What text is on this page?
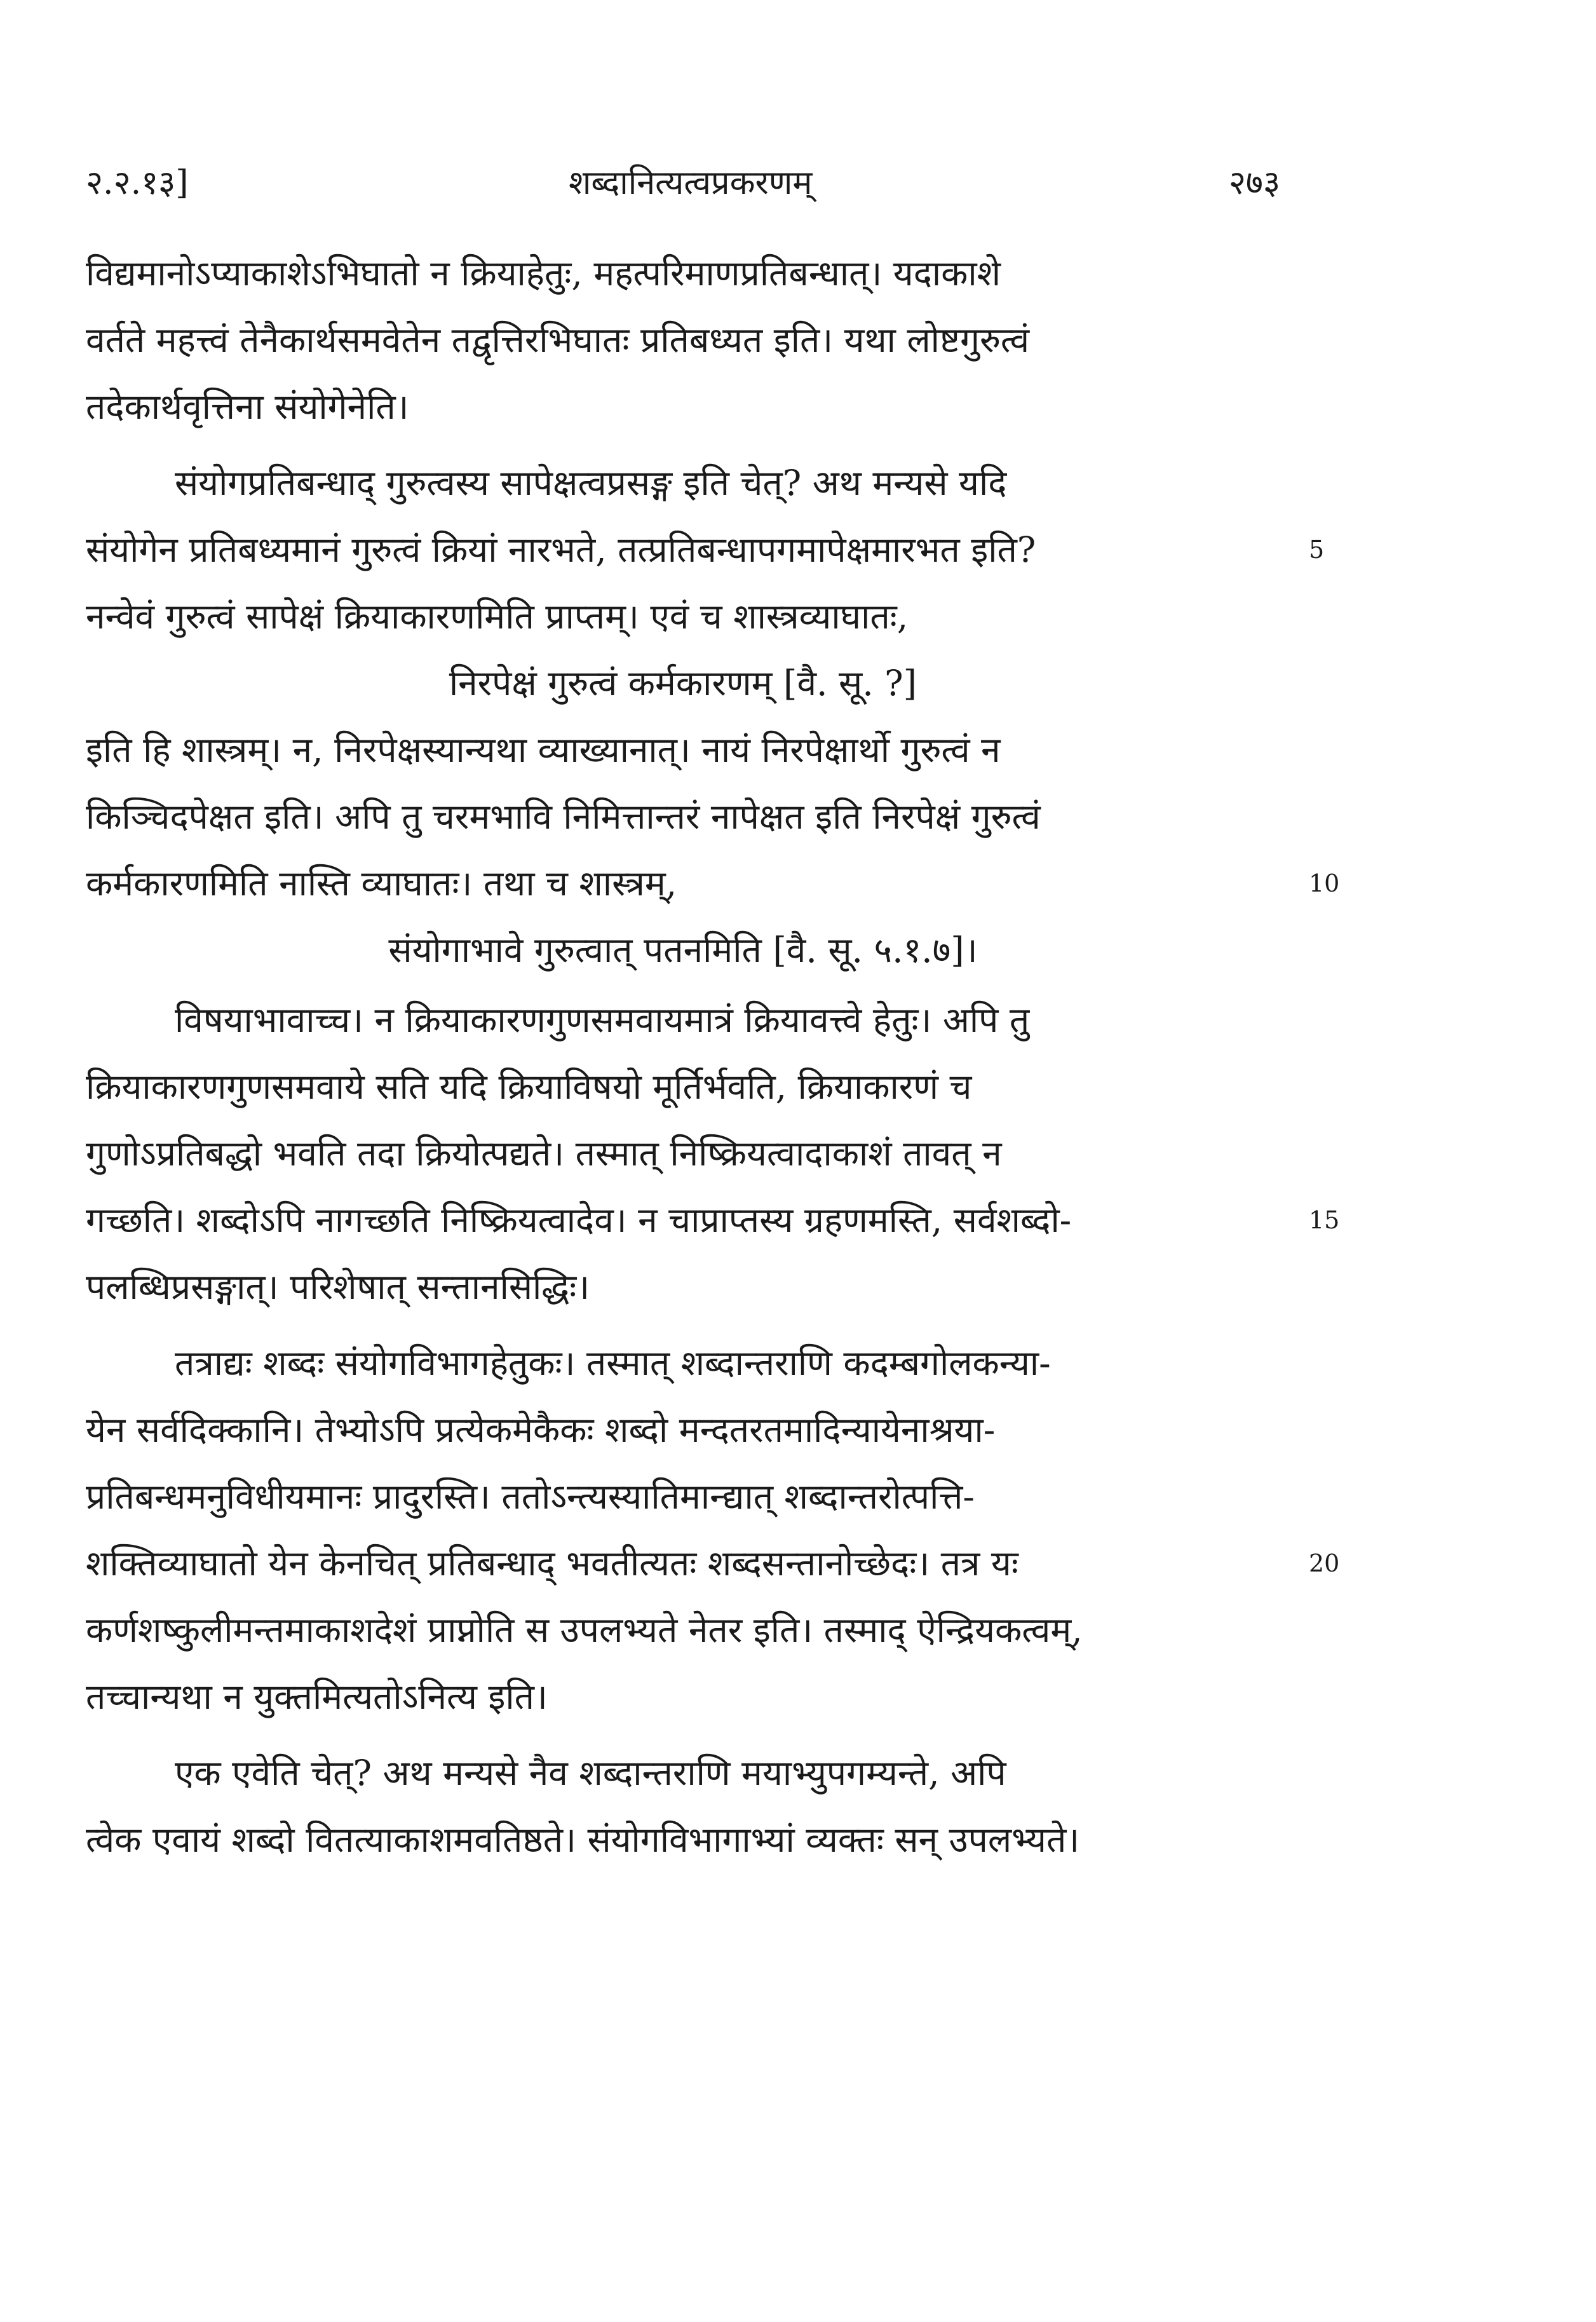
२.२.१३]	शब्दानित्यत्वप्रकरणम्	२७३
विद्यमानोऽप्याकाशेऽभिघातो न क्रियाहेतुः, महत्परिमाणप्रतिबन्धात्। यदाकाशे
वर्तते महत्त्वं तेनैकार्थसमवेतेन तद्वृत्तिरभिघातः प्रतिबध्यत इति। यथा लोष्टगुरुत्वं
तदेकार्थवृत्तिना संयोगेनेति।
संयोगप्रतिबन्धाद् गुरुत्वस्य सापेक्षत्वप्रसङ्ग इति चेत्? अथ मन्यसे यदि
संयोगेन प्रतिबध्यमानं गुरुत्वं क्रियां नारभते, तत्प्रतिबन्धापगमापेक्षमारभत इति?
नन्वेवं गुरुत्वं सापेक्षं क्रियाकारणमिति प्राप्तम्। एवं च शास्त्रव्याघातः,
निरपेक्षं गुरुत्वं कर्मकारणम् [वै. सू. ?]
इति हि शास्त्रम्। न, निरपेक्षस्यान्यथा व्याख्यानात्। नायं निरपेक्षार्थो गुरुत्वं न
किञ्चिदपेक्षत इति। अपि तु चरमभावि निमित्तान्तरं नापेक्षत इति निरपेक्षं गुरुत्वं
कर्मकारणमिति नास्ति व्याघातः। तथा च शास्त्रम्,
संयोगाभावे गुरुत्वात् पतनमिति [वै. सू. ५.१.७]।
विषयाभावाच्च। न क्रियाकारणगुणसमवायमात्रं क्रियावत्त्वे हेतुः। अपि तु
क्रियाकारणगुणसमवाये सति यदि क्रियाविषयो मूर्तिर्भवति, क्रियाकारणं च
गुणोऽप्रतिबद्धो भवति तदा क्रियोत्पद्यते। तस्मात् निष्क्रियत्वादाकाशं तावत् न
गच्छति। शब्दोऽपि नागच्छति निष्क्रियत्वादेव। न चाप्राप्तस्य ग्रहणमस्ति, सर्वशब्दो-
पलब्धिप्रसङ्गात्। परिशेषात् सन्तानसिद्धिः।
तत्राद्यः शब्दः संयोगविभागहेतुकः। तस्मात् शब्दान्तराणि कदम्बगोलकन्या-
येन सर्वदिक्कानि। तेभ्योऽपि प्रत्येकमेकैकः शब्दो मन्दतरतमादिन्यायेनाश्रया-
प्रतिबन्धमनुविधीयमानः प्रादुरस्ति। ततोऽन्त्यस्यातिमान्द्यात् शब्दान्तरोत्पत्ति-
शक्तिव्याघातो येन केनचित् प्रतिबन्धाद् भवतीत्यतः शब्दसन्तानोच्छेदः। तत्र यः
कर्णशष्कुलीमन्तमाकाशदेशं प्राप्नोति स उपलभ्यते नेतर इति। तस्माद् ऐन्द्रियकत्वम्,
तच्चान्यथा न युक्तमित्यतोऽनित्य इति।
एक एवेति चेत्? अथ मन्यसे नैव शब्दान्तराणि मयाभ्युपगम्यन्ते, अपि
त्वेक एवायं शब्दो वितत्याकाशमवतिष्ठते। संयोगविभागाभ्यां व्यक्तः सन् उपलभ्यते।
5
10
15
20
